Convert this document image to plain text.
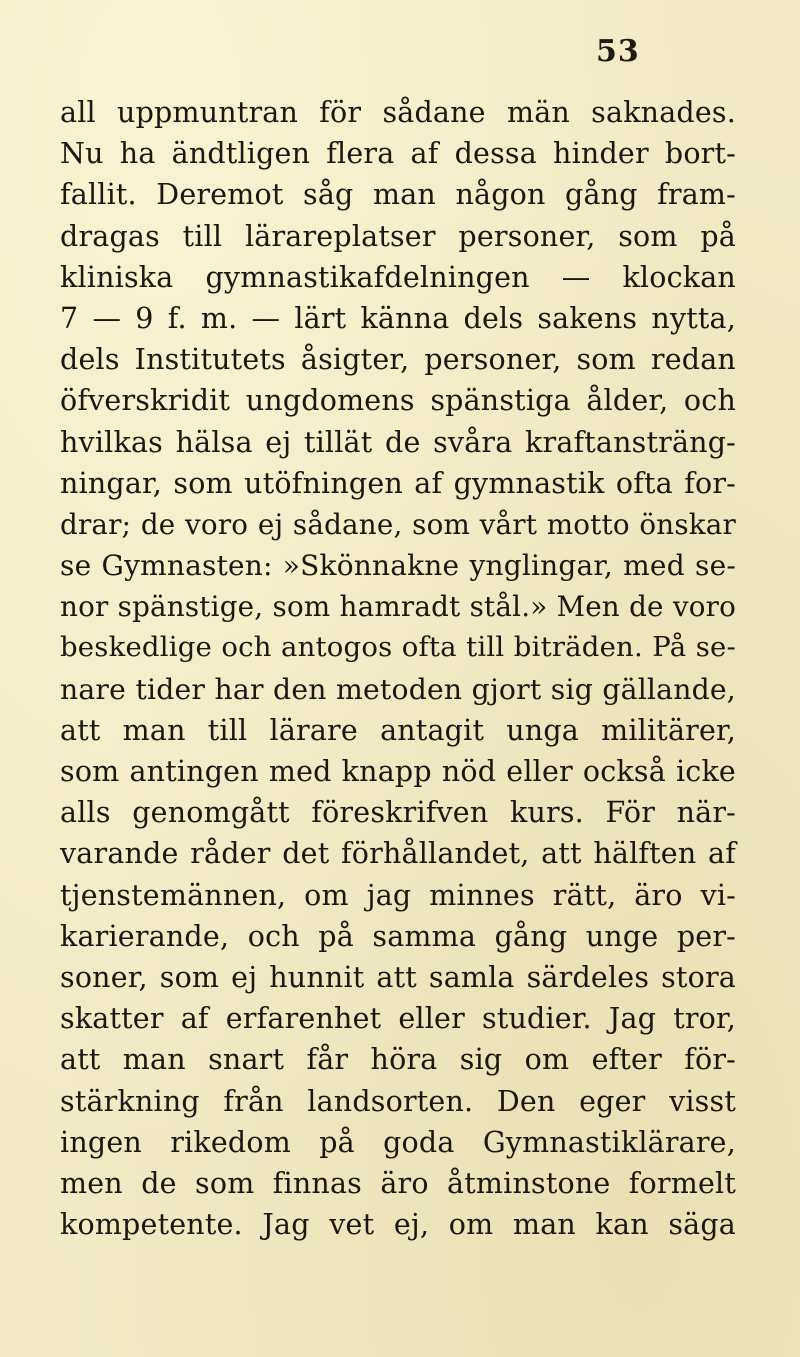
53
all uppmuntran för sådane män saknades.
Nu ha ändtligen flera af dessa hinder bort-
fallit. Deremot såg man någon gång fram-
dragas till lärareplatser personer, som på
kliniska gymnastikafdelningen — klockan
7 — 9 f. m. — lärt känna dels sakens nytta,
dels Institutets åsigter, personer, som redan
öfverskridit ungdomens spänstiga ålder, och
hvilkas hälsa ej tillät de svåra kraftansträng-
ningar, som utöfningen af gymnastik ofta for-
drar; de voro ej sådane, som vårt motto önskar
se Gymnasten: »Skönnakne ynglingar, med se-
nor spänstige, som hamradt stål.» Men de voro
beskedlige och antogos ofta till biträden. På se-
nare tider har den metoden gjort sig gällande,
att man till lärare antagit unga militärer,
som antingen med knapp nöd eller också icke
alls genomgått föreskrifven kurs. För när-
varande råder det förhållandet, att hälften af
tjenstemännen, om jag minnes rätt, äro vi-
karierande, och på samma gång unge per-
soner, som ej hunnit att samla särdeles stora
skatter af erfarenhet eller studier. Jag tror,
att man snart får höra sig om efter för-
stärkning från landsorten. Den eger visst
ingen rikedom på goda Gymnastiklärare,
men de som finnas äro åtminstone formelt
kompetente. Jag vet ej, om man kan säga
